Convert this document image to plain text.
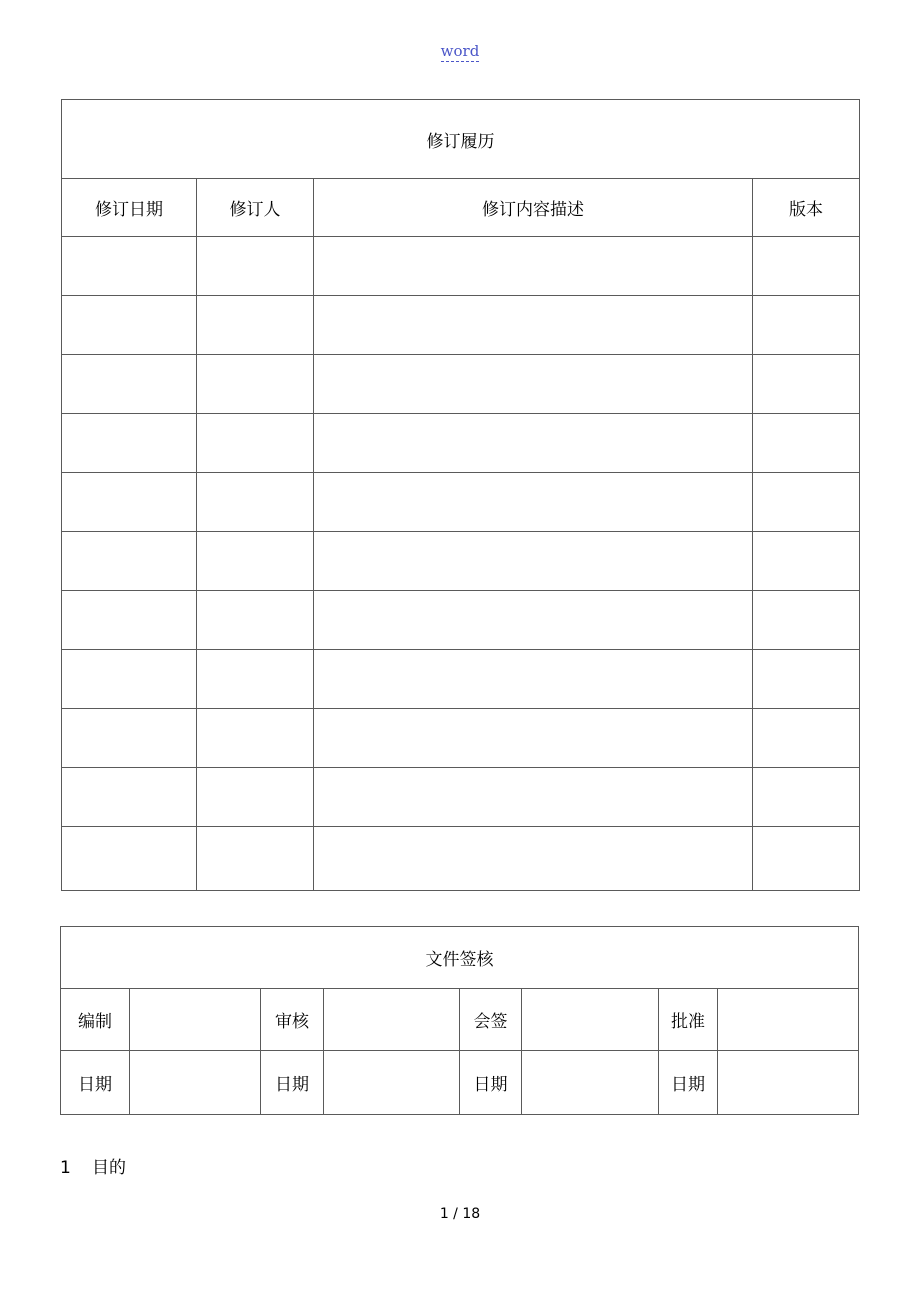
word
修订履历			
修订日期	修订人	修订内容描述	版本

文件签核							
编制		审核		会签		批准	
日期		日期		日期		日期	
1 目的
1 / 18
